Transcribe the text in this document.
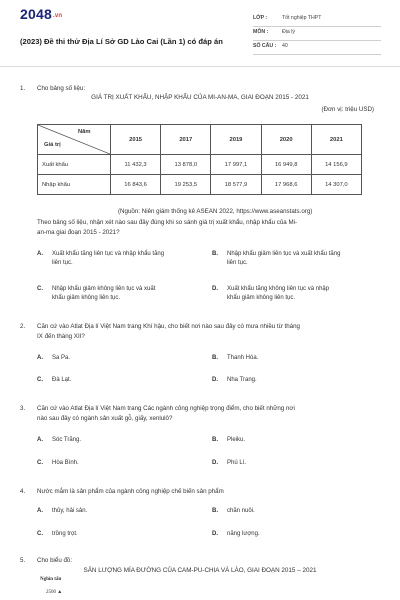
2048.vn
(2023) Đề thi thử Địa Lí Sở GD Lào Cai (Lần 1) có đáp án
LỚP :	Tốt nghiệp THPT
MÔN :	Địa lý
SỐ CÂU : 40
1. Cho bảng số liệu:
GIÁ TRỊ XUẤT KHẨU, NHẬP KHẨU CỦA MI-AN-MA, GIAI ĐOẠN 2015 - 2021
(Đơn vị: triệu USD)
Năm
Giá trị	2015	2017	2019	2020	2021
Xuất khẩu	11 432,3	13 878,0	17 997,1	16 949,8	14 156,9
Nhập khẩu	16 843,6	19 253,5	18 577,9	17 968,6	14 307,0
(Nguồn: Niên giám thống kê ASEAN 2022, https://www.aseanstats.org)
Theo bảng số liệu, nhận xét nào sau đây đúng khi so sánh giá trị xuất khẩu, nhập khẩu của Mi-
an-ma giai đoạn 2015 - 2021?
A. Xuất khẩu tăng liên tục và nhập khẩu tăng
liên tục.
B. Nhập khẩu giảm liên tục và xuất khẩu tăng
liên tục.
C. Nhập khẩu giảm không liên tục và xuất
khẩu giảm không liên tục.
D. Xuất khẩu tăng không liên tục và nhập
khẩu giảm không liên tục.
2. Căn cứ vào Atlat Địa lí Việt Nam trang Khí hậu, cho biết nơi nào sau đây có mưa nhiều từ tháng
IX đến tháng XII?
A. Sa Pa.	B. Thanh Hóa.
C. Đà Lạt.	D. Nha Trang.
3. Căn cứ vào Atlat Địa lí Việt Nam trang Các ngành công nghiệp trọng điểm, cho biết những nơi
nào sau đây có ngành sản xuất gỗ, giấy, xenlulô?
A. Sóc Trăng.	B. Pleiku.
C. Hòa Bình.	D. Phú Lí.
4. Nước mắm là sản phẩm của ngành công nghiệp chế biến sản phẩm
A. thủy, hải sản.	B. chăn nuôi.
C. trồng trọt.	D. năng lượng.
5. Cho biểu đồ:
SẢN LƯỢNG MÍA ĐƯỜNG CỦA CAM-PU-CHIA VÀ LÀO, GIAI ĐOẠN 2015 – 2021
Nghìn tấn
2500 ▲
